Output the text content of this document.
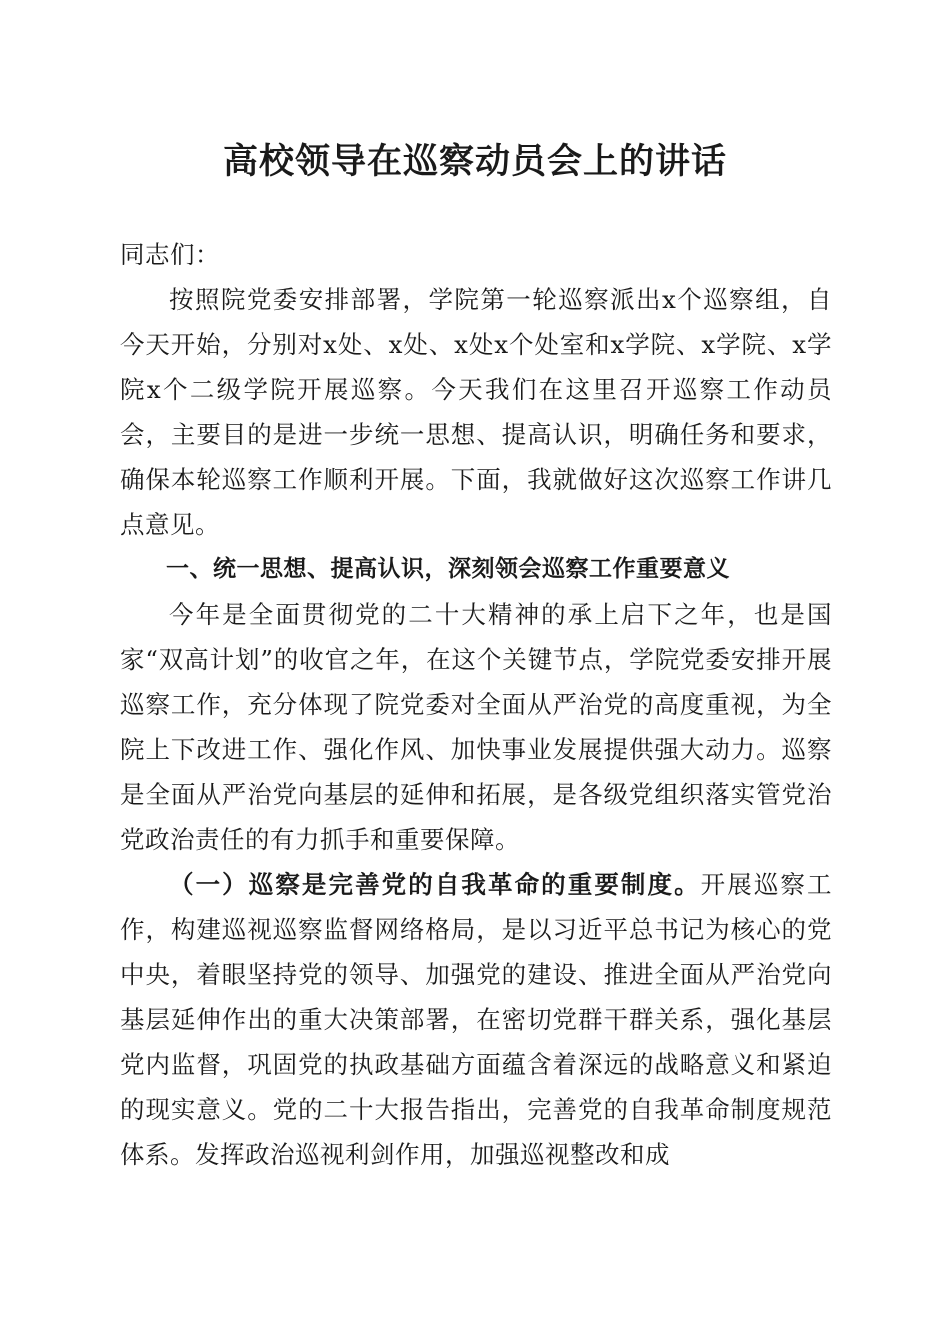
高校领导在巡察动员会上的讲话

同志们：

按照院党委安排部署，学院第一轮巡察派出x个巡察组，自今天开始，分别对x处、x处、x处x个处室和x学院、x学院、x学院x个二级学院开展巡察。今天我们在这里召开巡察工作动员会，主要目的是进一步统一思想、提高认识，明确任务和要求，确保本轮巡察工作顺利开展。下面，我就做好这次巡察工作讲几点意见。

一、统一思想、提高认识，深刻领会巡察工作重要意义

今年是全面贯彻党的二十大精神的承上启下之年，也是国家“双高计划”的收官之年，在这个关键节点，学院党委安排开展巡察工作，充分体现了院党委对全面从严治党的高度重视，为全院上下改进工作、强化作风、加快事业发展提供强大动力。巡察是全面从严治党向基层的延伸和拓展，是各级党组织落实管党治党政治责任的有力抓手和重要保障。

（一）巡察是完善党的自我革命的重要制度。开展巡察工作，构建巡视巡察监督网络格局，是以习近平总书记为核心的党中央，着眼坚持党的领导、加强党的建设、推进全面从严治党向基层延伸作出的重大决策部署，在密切党群干群关系，强化基层党内监督，巩固党的执政基础方面蕴含着深远的战略意义和紧迫的现实意义。党的二十大报告指出，完善党的自我革命制度规范体系。发挥政治巡视利剑作用，加强巡视整改和成
